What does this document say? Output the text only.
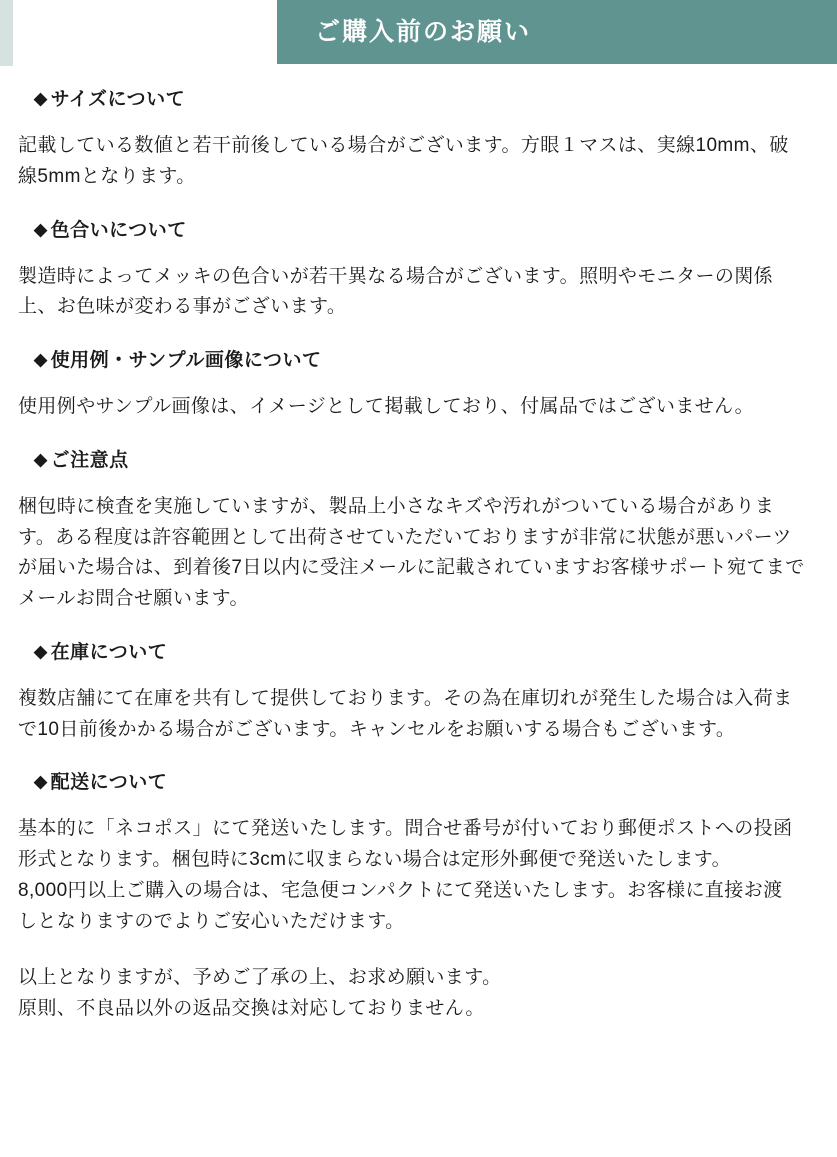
ご購入前のお願い
◆ サイズについて

記載している数値と若干前後している場合がございます。方眼１マスは、実線10mm、破

線5mmとなります。

◆ 色合いについて

製造時によってメッキの色合いが若干異なる場合がございます。照明やモニターの関係

上、お色味が変わる事がございます。

◆ 使用例・サンプル画像について

使用例やサンプル画像は、イメージとして掲載しており、付属品ではございません。

◆ ご注意点

梱包時に検査を実施していますが、製品上小さなキズや汚れがついている場合がありま

す。ある程度は許容範囲として出荷させていただいておりますが非常に状態が悪いパーツ

が届いた場合は、到着後7日以内に受注メールに記載されていますお客様サポート宛てまで

メールお問合せ願います。

◆ 在庫について

複数店舗にて在庫を共有して提供しております。その為在庫切れが発生した場合は入荷ま

で10日前後かかる場合がございます。キャンセルをお願いする場合もございます。

◆ 配送について

基本的に「ネコポス」にて発送いたします。問合せ番号が付いており郵便ポストへの投函

形式となります。梱包時に3cmに収まらない場合は定形外郵便で発送いたします。

8,000円以上ご購入の場合は、宅急便コンパクトにて発送いたします。お客様に直接お渡

しとなりますのでよりご安心いただけます。

以上となりますが、予めご了承の上、お求め願います。

原則、不良品以外の返品交換は対応しておりません。
